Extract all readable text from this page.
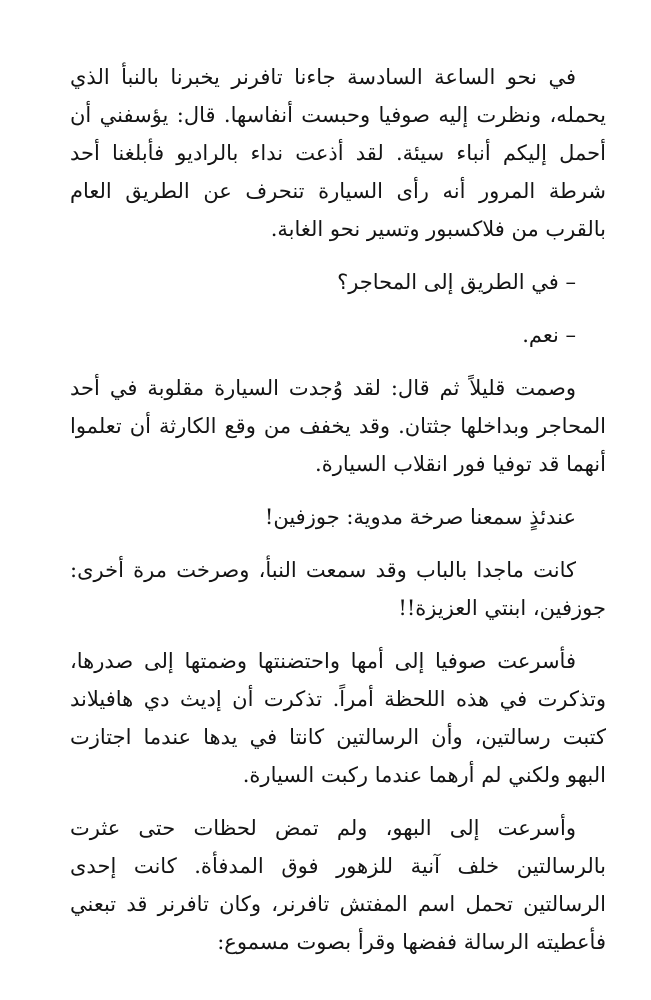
في نحو الساعة السادسة جاءنا تافرنر يخبرنا بالنبأ الذي يحمله، ونظرت إليه صوفيا وحبست أنفاسها. قال: يؤسفني أن أحمل إليكم أنباء سيئة. لقد أذعت نداء بالراديو فأبلغنا أحد شرطة المرور أنه رأى السيارة تنحرف عن الطريق العام بالقرب من فلاكسبور وتسير نحو الغابة.

– في الطريق إلى المحاجر؟

– نعم.

وصمت قليلاً ثم قال: لقد وُجدت السيارة مقلوبة في أحد المحاجر وبداخلها جثتان. وقد يخفف من وقع الكارثة أن تعلموا أنهما قد توفيا فور انقلاب السيارة.

عندئذٍ سمعنا صرخة مدوية: جوزفين!

كانت ماجدا بالباب وقد سمعت النبأ، وصرخت مرة أخرى: جوزفين، ابنتي العزيزة!!

فأسرعت صوفيا إلى أمها واحتضنتها وضمتها إلى صدرها، وتذكرت في هذه اللحظة أمراً. تذكرت أن إديث دي هافيلاند كتبت رسالتين، وأن الرسالتين كانتا في يدها عندما اجتازت البهو ولكني لم أرهما عندما ركبت السيارة.

وأسرعت إلى البهو، ولم تمض لحظات حتى عثرت بالرسالتين خلف آنية للزهور فوق المدفأة. كانت إحدى الرسالتين تحمل اسم المفتش تافرنر، وكان تافرنر قد تبعني فأعطيته الرسالة ففضها وقرأ بصوت مسموع:
